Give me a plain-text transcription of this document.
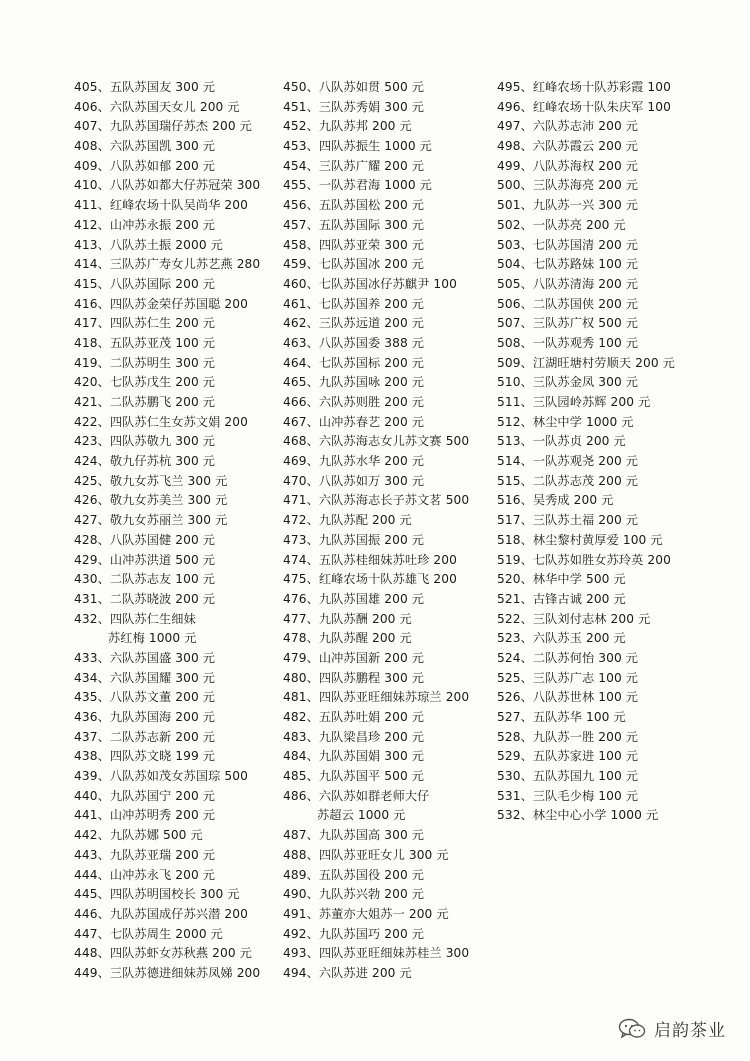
405、五队苏国友 300 元
406、六队苏国天女儿 200 元
407、九队苏国瑞仔苏杰 200 元
408、六队苏国凯 300 元
409、八队苏如郁 200 元
410、八队苏如都大仔苏冠荣 300
411、红峰农场十队吴尚华 200
412、山冲苏永振 200 元
413、八队苏土振 2000 元
414、三队苏广寿女儿苏艺燕 280
415、八队苏国际 200 元
416、四队苏金荣仔苏国聪 200
417、四队苏仁生 200 元
418、五队苏亚茂 100 元
419、二队苏明生 300 元
420、七队苏戊生 200 元
421、二队苏鹏飞 200 元
422、四队苏仁生女苏文娟 200
423、四队苏敬九 300 元
424、敬九仔苏杭 300 元
425、敬九女苏飞兰 300 元
426、敬九女苏美兰 300 元
427、敬九女苏丽兰 300 元
428、八队苏国健 200 元
429、山冲苏洪道 500 元
430、二队苏志友 100 元
431、二队苏晓波 200 元
432、四队苏仁生细妹
苏红梅 1000 元
433、六队苏国盛 300 元
434、六队苏国耀 300 元
435、八队苏文董 200 元
436、九队苏国海 200 元
437、二队苏志新 200 元
438、四队苏文晓 199 元
439、八队苏如茂女苏国琮 500
440、九队苏国宁 200 元
441、山冲苏明秀 200 元
442、九队苏娜 500 元
443、九队苏亚瑞 200 元
444、山冲苏永飞 200 元
445、四队苏明国校长 300 元
446、九队苏国成仔苏兴潜 200
447、七队苏周生 2000 元
448、四队苏虾女苏秋燕 200 元
449、三队苏德进细妹苏凤娣 200
450、八队苏如贯 500 元
451、三队苏秀娟 300 元
452、九队苏邦 200 元
453、四队苏振生 1000 元
454、三队苏广耀 200 元
455、一队苏君海 1000 元
456、五队苏国松 200 元
457、五队苏国际 300 元
458、四队苏亚荣 300 元
459、七队苏国冰 200 元
460、七队苏国冰仔苏麒尹 100
461、七队苏国养 200 元
462、三队苏远道 200 元
463、八队苏国委 388 元
464、七队苏国标 200 元
465、九队苏国咏 200 元
466、六队苏则胜 200 元
467、山冲苏春艺 200 元
468、六队苏海志女儿苏文赛 500
469、九队苏水华 200 元
470、八队苏如万 300 元
471、六队苏海志长子苏文茗 500
472、九队苏配 200 元
473、九队苏国振 200 元
474、五队苏桂细妹苏吐珍 200
475、红峰农场十队苏雄飞 200
476、九队苏国雄 200 元
477、九队苏酬 200 元
478、九队苏醒 200 元
479、山冲苏国新 200 元
480、四队苏鹏程 300 元
481、四队苏亚旺细妹苏琼兰 200
482、五队苏吐娟 200 元
483、九队梁昌珍 200 元
484、九队苏国娟 300 元
485、九队苏国平 500 元
486、六队苏如群老师大仔
苏超云 1000 元
487、九队苏国高 300 元
488、四队苏亚旺女儿 300 元
489、五队苏国役 200 元
490、九队苏兴勃 200 元
491、苏董亦大姐苏一 200 元
492、九队苏国巧 200 元
493、四队苏亚旺细妹苏桂兰 300
494、六队苏进 200 元
495、红峰农场十队苏彩霞 100
496、红峰农场十队朱庆军 100
497、六队苏志沛 200 元
498、六队苏霞云 200 元
499、八队苏海权 200 元
500、三队苏海亮 200 元
501、九队苏一兴 300 元
502、一队苏亮 200 元
503、七队苏国清 200 元
504、七队苏路妹 100 元
505、八队苏清海 200 元
506、二队苏国侠 200 元
507、三队苏广权 500 元
508、一队苏观秀 100 元
509、江湖旺塘村劳顺天 200 元
510、三队苏金凤 300 元
511、三队园岭苏辉 200 元
512、林尘中学 1000 元
513、一队苏贞 200 元
514、一队苏观尧 200 元
515、二队苏志茂 200 元
516、吴秀成 200 元
517、三队苏土福 200 元
518、林尘黎村黄厚爱 100 元
519、七队苏如胜女苏玲英 200
520、林华中学 500 元
521、古锋古诚 200 元
522、三队刘付志林 200 元
523、六队苏玉 200 元
524、二队苏何怡 300 元
525、三队苏广志 100 元
526、八队苏世林 100 元
527、五队苏华 100 元
528、九队苏一胜 200 元
529、五队苏家进 100 元
530、五队苏国九 100 元
531、三队毛少梅 100 元
532、林尘中心小学 1000 元
启韵茶业
